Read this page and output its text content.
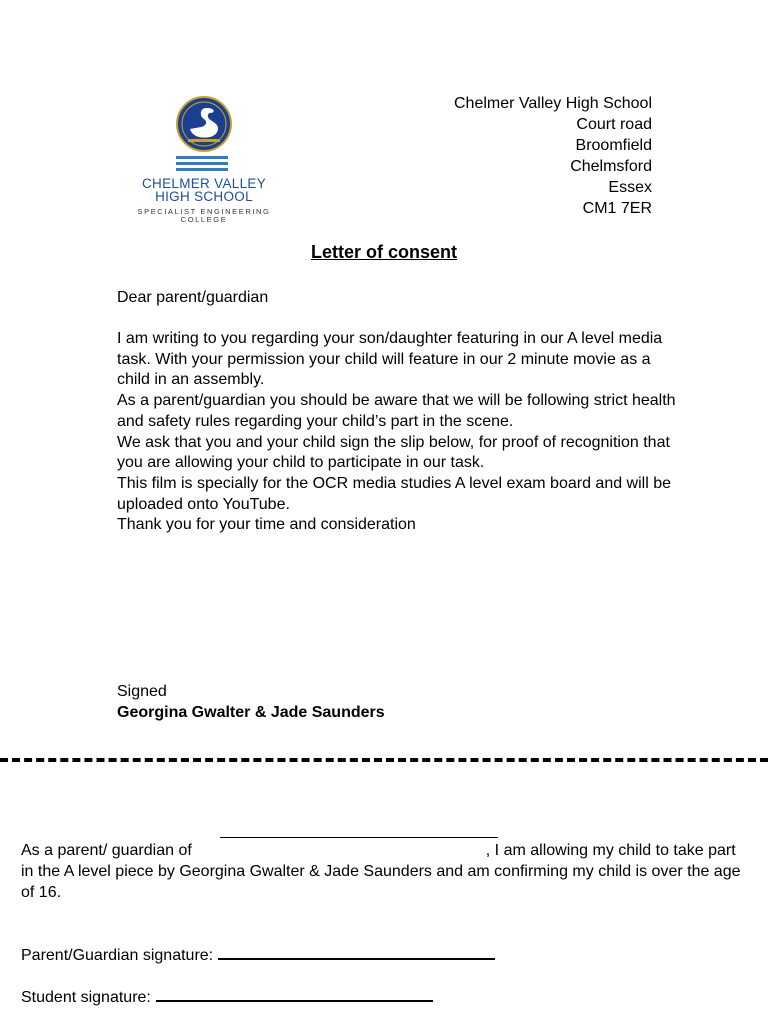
CHELMER VALLEY
HIGH SCHOOL
SPECIALIST ENGINEERING
COLLEGE
Chelmer Valley High School
Court road
Broomfield
Chelmsford
Essex
CM1 7ER
Letter of consent
Dear parent/guardian

I am writing to you regarding your son/daughter featuring in our A level media task. With your permission your child will feature in our 2 minute movie as a child in an assembly.

As a parent/guardian you should be aware that we will be following strict health and safety rules regarding your child’s part in the scene.

We ask that you and your child sign the slip below, for proof of recognition that you are allowing your child to participate in our task.

This film is specially for the OCR media studies A level exam board and will be uploaded onto YouTube.

Thank you for your time and consideration

Signed
Georgina Gwalter & Jade Saunders
As a parent/ guardian of	, I am allowing my child to take part in the A level piece by Georgina Gwalter & Jade Saunders and am confirming my child is over the age of 16.
Parent/Guardian signature:
Student signature:
